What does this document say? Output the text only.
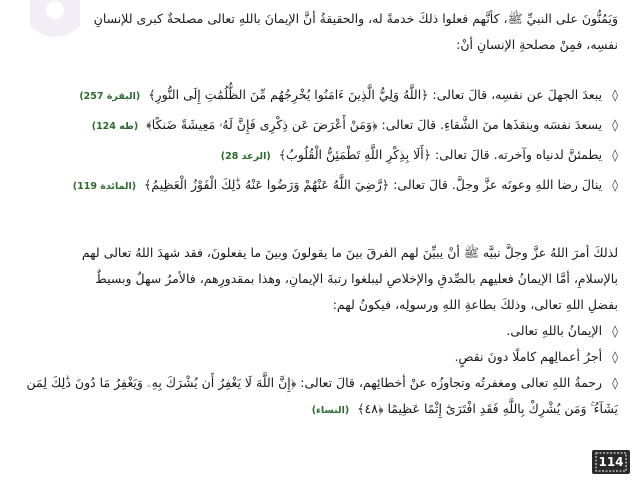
وَيَمُنُّونَ على النبيِّ ﷺ، كأنَّهم فعلوا ذلكَ خدمةً له، والحقيقةُ أنَّ الإيمانَ باللهِ تعالى مصلحةٌ كبرى للإنسانِ
نفسِه، فمِنْ مصلحةِ الإنسانِ أنْ:
◊ يبعدَ الجهلَ عن نفسِه، قالَ تعالى: ﴿اللَّهُ وَلِيُّ الَّذِينَ ءَامَنُوا يُخْرِجُهُم مِّنَ الظُّلُمَٰتِ إِلَى النُّورِ﴾ (البقرة 257)
◊ يسعدَ نفسَه وينقذَها منَ الشَّقاءِ. قالَ تعالى: ﴿وَمَنْ أَعْرَضَ عَن ذِكْرِى فَإِنَّ لَهُۥ مَعِيشَةً ضَنكًا﴾ (طه 124)
◊ يطمئنَّ لدنياه وآخرته. قالَ تعالى: ﴿أَلَا بِذِكْرِ اللَّهِ تَطْمَئِنُّ الْقُلُوبُ﴾ (الرعد 28)
◊ ينالَ رضا اللهِ وعونَه عزَّ وجلَّ. قالَ تعالى: ﴿رَّضِيَ اللَّهُ عَنْهُمْ وَرَضُوا عَنْهُ ذَٰلِكَ الْفَوْزُ الْعَظِيمُ﴾ (المائدة 119)
لذلكَ أمرَ اللهُ عزَّ وجلَّ نبيَّه ﷺ أنْ يبيِّنَ لهم الفرقَ بينَ ما يقولونَ وبينَ ما يفعلونَ، فقد شهدَ اللهُ تعالى لهم
بالإسلامِ، أمَّا الإيمانُ فعليهم بالصِّدقِ والإخلاصِ ليبلغوا رتبةَ الإيمانِ، وهذا بمقدورِهم، فالأمرُ سهلٌ وبسيطٌ
بفضلِ اللهِ تعالى، وذلكَ بطاعةِ اللهِ ورسولِه، فيكونُ لهم:
◊ الإيمانُ باللهِ تعالى.
◊ أجرُ أعمالِهم كاملًا دونَ نقصٍ.
◊ رحمةُ اللهِ تعالى ومغفرتُه وتجاوزُه عنْ أخطائِهم، قالَ تعالى: ﴿إِنَّ اللَّهَ لَا يَغْفِرُ أَن يُشْرَكَ بِهِۦ وَيَغْفِرُ مَا دُونَ ذَٰلِكَ لِمَن
يَشَآءُ ۚ وَمَن يُشْرِكْ بِاللَّهِ فَقَدِ افْتَرَىٰٓ إِثْمًا عَظِيمًا ﴿٤٨﴾ (النساء)
114
